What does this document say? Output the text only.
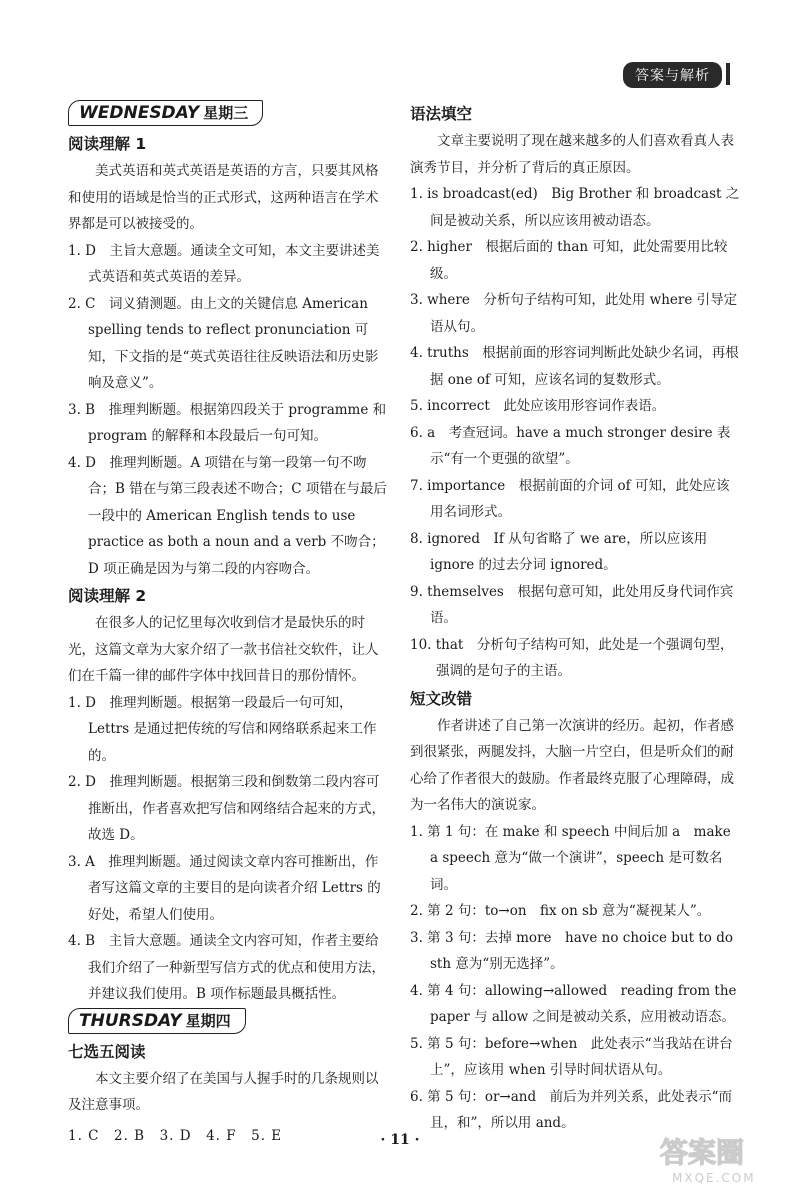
答案与解析
WEDNESDAY 星期三
阅读理解 1

美式英语和英式英语是英语的方言，只要其风格和使用的语域是恰当的正式形式，这两种语言在学术界都是可以被接受的。

1. D　主旨大意题。通读全文可知，本文主要讲述美式英语和英式英语的差异。

2. C　词义猜测题。由上文的关键信息 American spelling tends to reflect pronunciation 可知，下文指的是“英式英语往往反映语法和历史影响及意义”。

3. B　推理判断题。根据第四段关于 programme 和 program 的解释和本段最后一句可知。

4. D　推理判断题。A 项错在与第一段第一句不吻合；B 错在与第三段表述不吻合；C 项错在与最后一段中的 American English tends to use practice as both a noun and a verb 不吻合；D 项正确是因为与第二段的内容吻合。

阅读理解 2

在很多人的记忆里每次收到信才是最快乐的时光，这篇文章为大家介绍了一款书信社交软件，让人们在千篇一律的邮件字体中找回昔日的那份情怀。

1. D　推理判断题。根据第一段最后一句可知，Lettrs 是通过把传统的写信和网络联系起来工作的。

2. D　推理判断题。根据第三段和倒数第二段内容可推断出，作者喜欢把写信和网络结合起来的方式，故选 D。

3. A　推理判断题。通过阅读文章内容可推断出，作者写这篇文章的主要目的是向读者介绍 Lettrs 的好处，希望人们使用。

4. B　主旨大意题。通读全文内容可知，作者主要给我们介绍了一种新型写信方式的优点和使用方法，并建议我们使用。B 项作标题最具概括性。

THURSDAY 星期四
七选五阅读

本文主要介绍了在美国与人握手时的几条规则以及注意事项。

1. C　2. B　3. D　4. F　5. E

语法填空

文章主要说明了现在越来越多的人们喜欢看真人表演秀节目，并分析了背后的真正原因。

1. is broadcast(ed)　Big Brother 和 broadcast 之间是被动关系，所以应该用被动语态。

2. higher　根据后面的 than 可知，此处需要用比较级。

3. where　分析句子结构可知，此处用 where 引导定语从句。

4. truths　根据前面的形容词判断此处缺少名词，再根据 one of 可知，应该名词的复数形式。

5. incorrect　此处应该用形容词作表语。

6. a　考查冠词。have a much stronger desire 表示“有一个更强的欲望”。

7. importance　根据前面的介词 of 可知，此处应该用名词形式。

8. ignored　If 从句省略了 we are，所以应该用 ignore 的过去分词 ignored。

9. themselves　根据句意可知，此处用反身代词作宾语。

10. that　分析句子结构可知，此处是一个强调句型，强调的是句子的主语。

短文改错

作者讲述了自己第一次演讲的经历。起初，作者感到很紧张，两腿发抖，大脑一片空白，但是听众们的耐心给了作者很大的鼓励。作者最终克服了心理障碍，成为一名伟大的演说家。

1. 第 1 句：在 make 和 speech 中间后加 a　make a speech 意为“做一个演讲”，speech 是可数名词。

2. 第 2 句：to→on　fix on sb 意为“凝视某人”。

3. 第 3 句：去掉 more　have no choice but to do sth 意为“别无选择”。

4. 第 4 句：allowing→allowed　reading from the paper 与 allow 之间是被动关系，应用被动语态。

5. 第 5 句：before→when　此处表示“当我站在讲台上”，应该用 when 引导时间状语从句。

6. 第 5 句：or→and　前后为并列关系，此处表示“而且，和”，所以用 and。

· 11 ·	答案圈
MXQE.COM
